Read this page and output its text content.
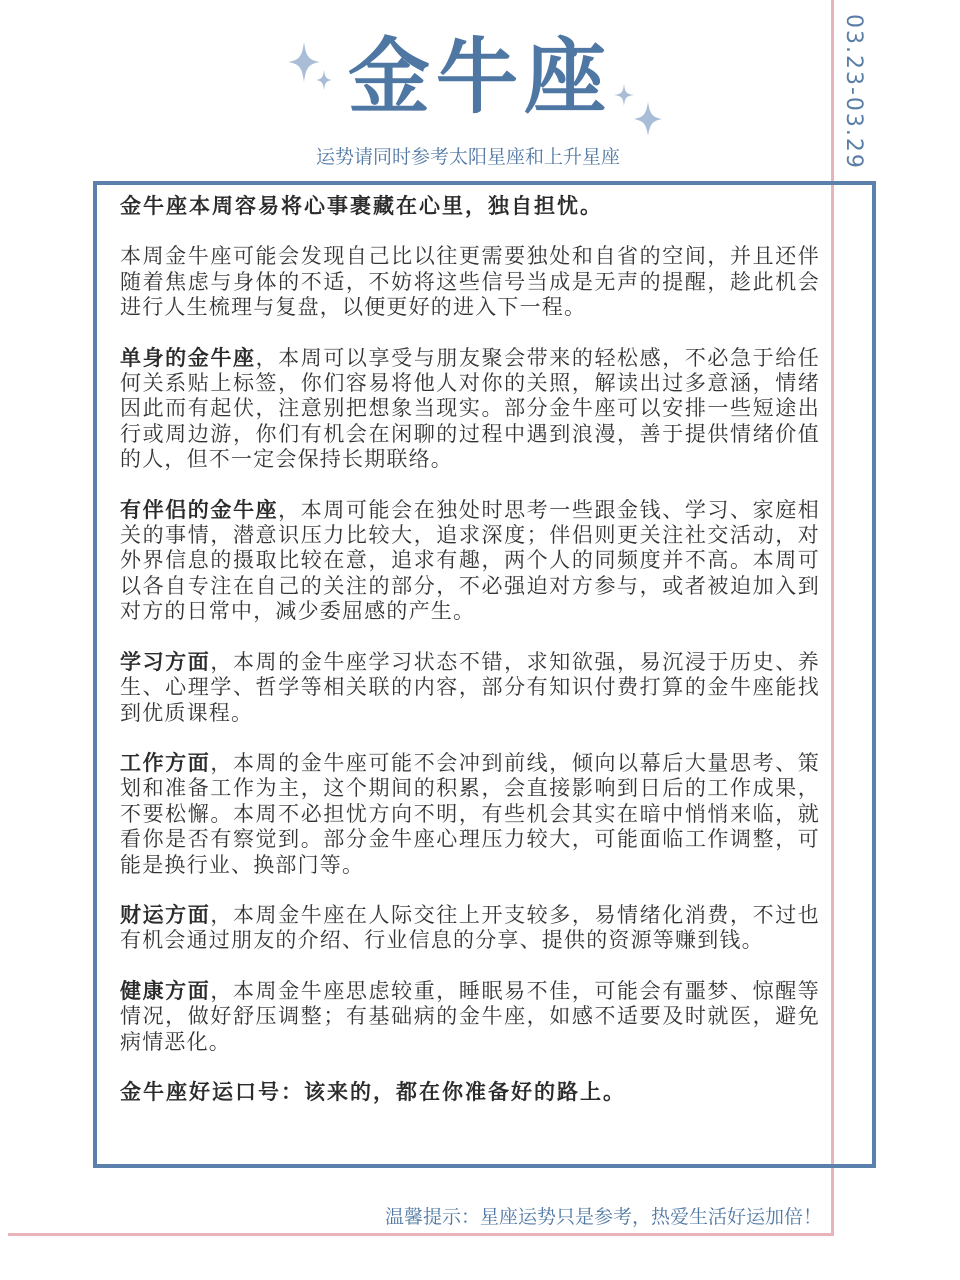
03.23-03.29
金牛座
运势请同时参考太阳星座和上升星座

金牛座本周容易将心事裹藏在心里，独自担忧。

本周金牛座可能会发现自己比以往更需要独处和自省的空间，并且还伴随着焦虑与身体的不适，不妨将这些信号当成是无声的提醒，趁此机会进行人生梳理与复盘，以便更好的进入下一程。

单身的金牛座，本周可以享受与朋友聚会带来的轻松感，不必急于给任何关系贴上标签，你们容易将他人对你的关照，解读出过多意涵，情绪因此而有起伏，注意别把想象当现实。部分金牛座可以安排一些短途出行或周边游，你们有机会在闲聊的过程中遇到浪漫，善于提供情绪价值的人，但不一定会保持长期联络。

有伴侣的金牛座，本周可能会在独处时思考一些跟金钱、学习、家庭相关的事情，潜意识压力比较大，追求深度；伴侣则更关注社交活动，对外界信息的摄取比较在意，追求有趣，两个人的同频度并不高。本周可以各自专注在自己的关注的部分，不必强迫对方参与，或者被迫加入到对方的日常中，减少委屈感的产生。

学习方面，本周的金牛座学习状态不错，求知欲强，易沉浸于历史、养生、心理学、哲学等相关联的内容，部分有知识付费打算的金牛座能找到优质课程。

工作方面，本周的金牛座可能不会冲到前线，倾向以幕后大量思考、策划和准备工作为主，这个期间的积累，会直接影响到日后的工作成果，不要松懈。本周不必担忧方向不明，有些机会其实在暗中悄悄来临，就看你是否有察觉到。部分金牛座心理压力较大，可能面临工作调整，可能是换行业、换部门等。

财运方面，本周金牛座在人际交往上开支较多，易情绪化消费，不过也有机会通过朋友的介绍、行业信息的分享、提供的资源等赚到钱。

健康方面，本周金牛座思虑较重，睡眠易不佳，可能会有噩梦、惊醒等情况，做好舒压调整；有基础病的金牛座，如感不适要及时就医，避免病情恶化。

金牛座好运口号：该来的，都在你准备好的路上。

温馨提示：星座运势只是参考，热爱生活好运加倍！
